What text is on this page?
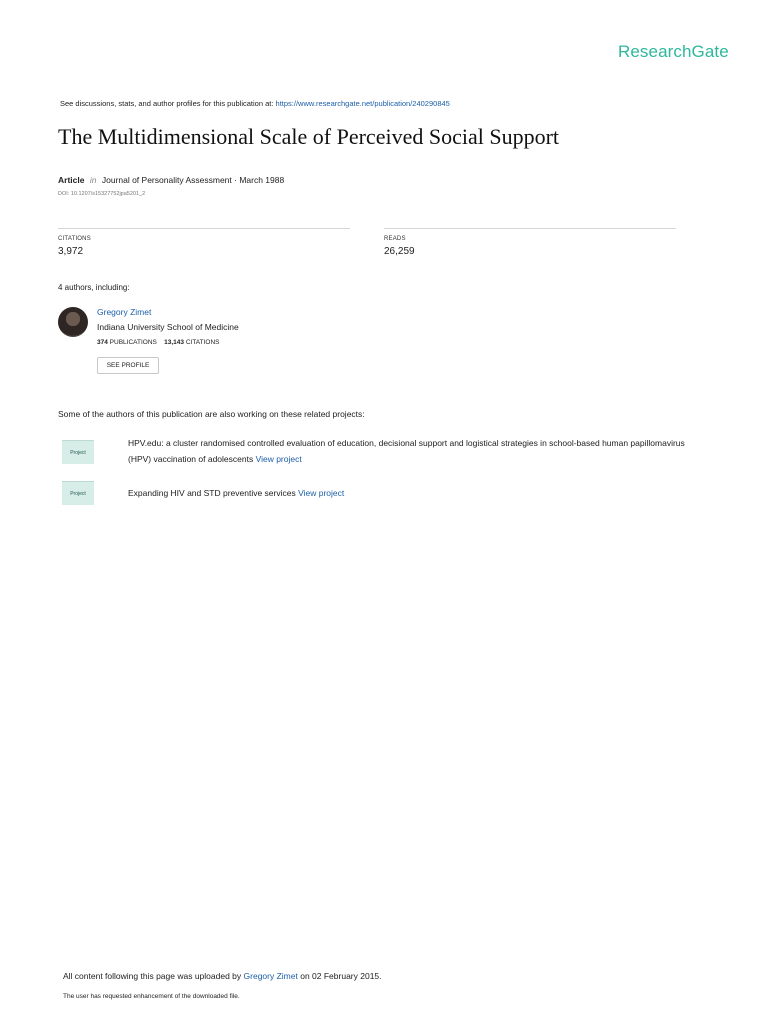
ResearchGate
See discussions, stats, and author profiles for this publication at: https://www.researchgate.net/publication/240290845
The Multidimensional Scale of Perceived Social Support
Article in Journal of Personality Assessment · March 1988
DOI: 10.1207/s15327752jpa5201_2
CITATIONS
3,972
READS
26,259
4 authors, including:
Gregory Zimet
Indiana University School of Medicine
374 PUBLICATIONS 13,143 CITATIONS
SEE PROFILE
Some of the authors of this publication are also working on these related projects:
Project
HPV.edu: a cluster randomised controlled evaluation of education, decisional support and logistical strategies in school-based human papillomavirus (HPV) vaccination of adolescents View project
Project	Expanding HIV and STD preventive services View project
All content following this page was uploaded by Gregory Zimet on 02 February 2015.
The user has requested enhancement of the downloaded file.
